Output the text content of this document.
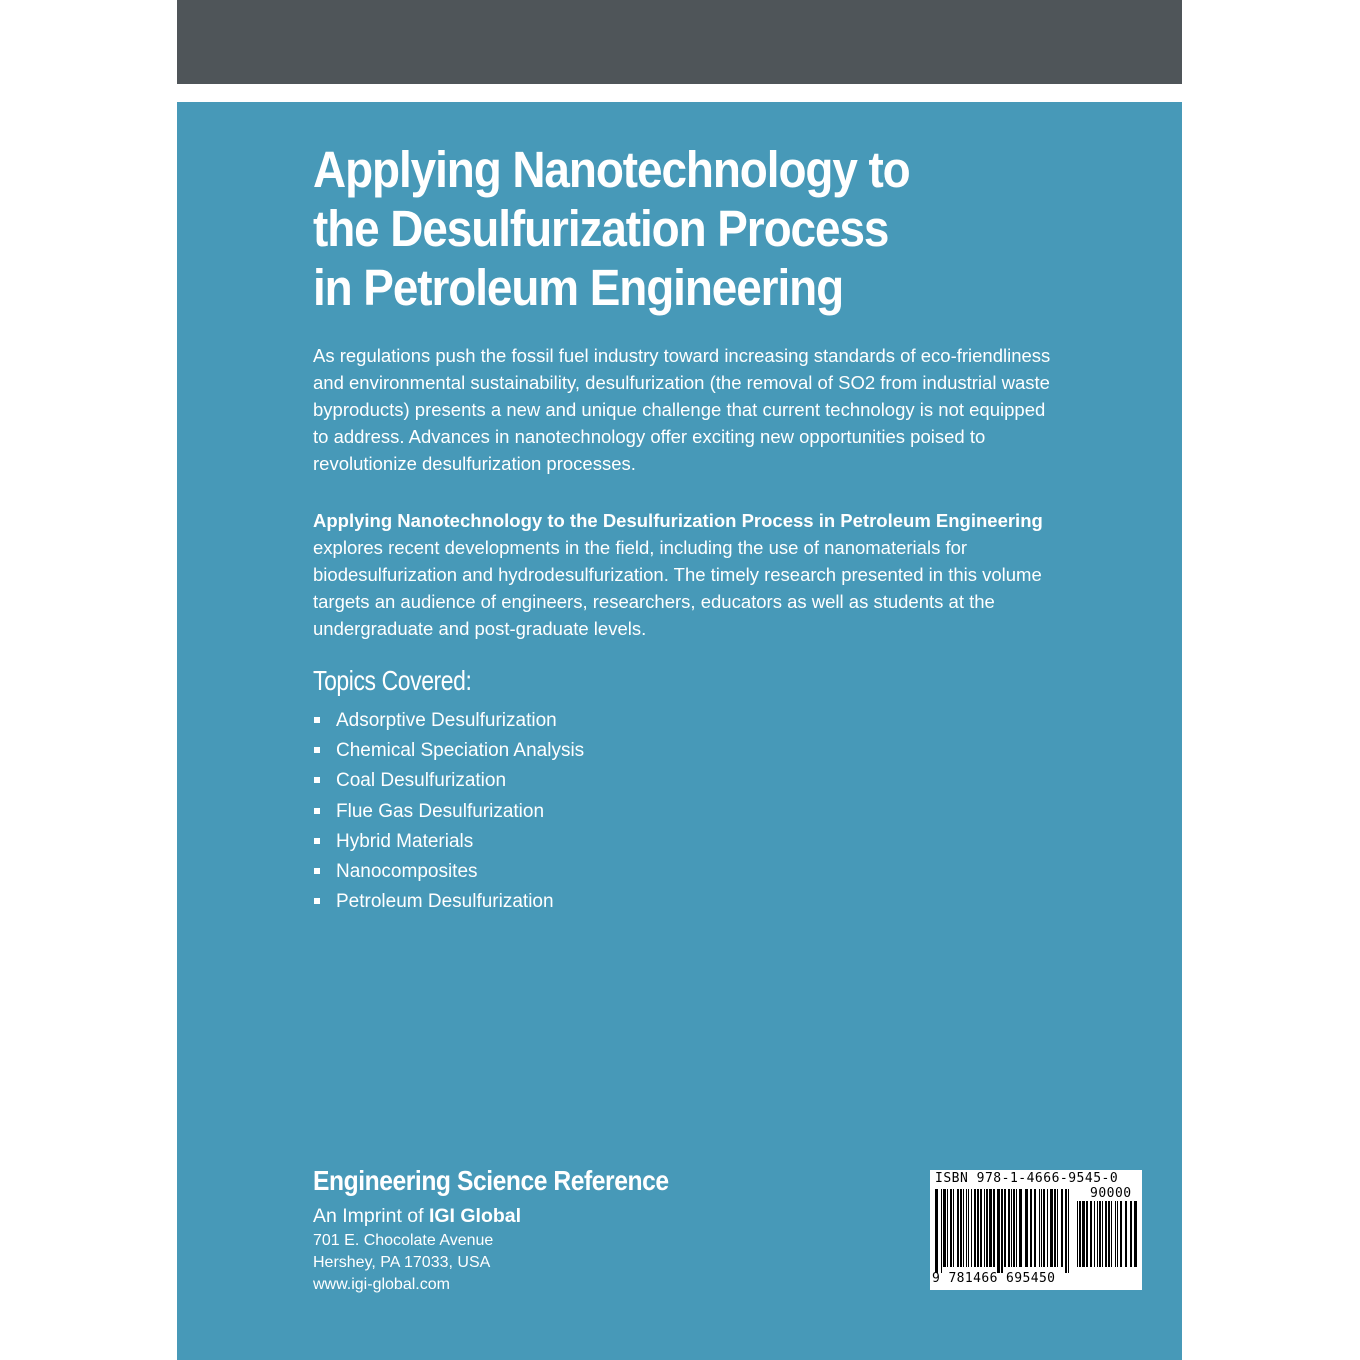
Applying Nanotechnology to
the Desulfurization Process
in Petroleum Engineering

As regulations push the fossil fuel industry toward increasing standards of eco-friendliness and environmental sustainability, desulfurization (the removal of SO2 from industrial waste byproducts) presents a new and unique challenge that current technology is not equipped to address. Advances in nanotechnology offer exciting new opportunities poised to revolutionize desulfurization processes.

Applying Nanotechnology to the Desulfurization Process in Petroleum Engineering explores recent developments in the field, including the use of nanomaterials for biodesulfurization and hydrodesulfurization. The timely research presented in this volume targets an audience of engineers, researchers, educators as well as students at the undergraduate and post-graduate levels.

Topics Covered:
Adsorptive Desulfurization
Chemical Speciation Analysis
Coal Desulfurization
Flue Gas Desulfurization
Hybrid Materials
Nanocomposites
Petroleum Desulfurization
Engineering Science Reference
An Imprint of IGI Global
701 E. Chocolate Avenue
Hershey, PA 17033, USA
www.igi-global.com
ISBN 978-1-4666-9545-0
90000
9 781466 695450
